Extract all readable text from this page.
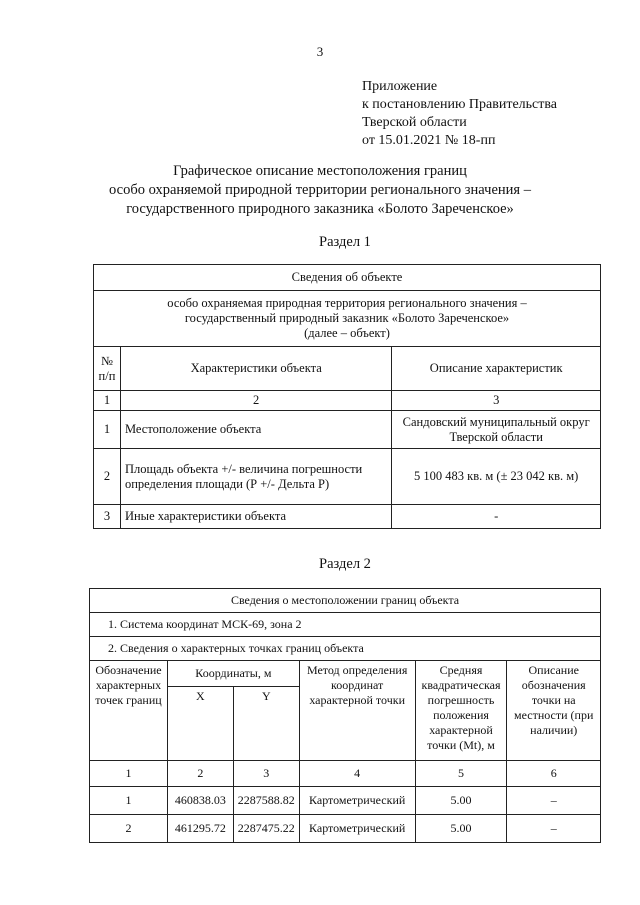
3
Приложение
к постановлению Правительства
Тверской области
от 15.01.2021 № 18-пп
Графическое описание местоположения границ
особо охраняемой природной территории регионального значения –
государственного природного заказника «Болото Зареченское»
Раздел 1
Сведения об объекте		

особо охраняемая природная территория регионального значения –
государственный природный заказник «Болото Зареченское»
(далее – объект)		

№ п/п	Характеристики объекта	Описание характеристик
1	2	3
1	Местоположение объекта	Сандовский муниципальный округ Тверской области
2	Площадь объекта +/- величина погрешности определения площади (Р +/- Дельта Р)	5 100 483 кв. м (± 23 042 кв. м)
3	Иные характеристики объекта	-
Раздел 2
Сведения о местоположении границ объекта					
1. Система координат МСК-69, зона 2					
2. Сведения о характерных точках границ объекта					
Обозначение характерных точек границ	Координаты, м		Метод определения координат характерной точки	Средняя квадратическая погрешность положения характерной точки (Mt), м	Описание обозначения точки на местности (при наличии)
	X	Y			
1	2	3	4	5	6
1	460838.03	2287588.82	Картометрический	5.00	–
2	461295.72	2287475.22	Картометрический	5.00	–
